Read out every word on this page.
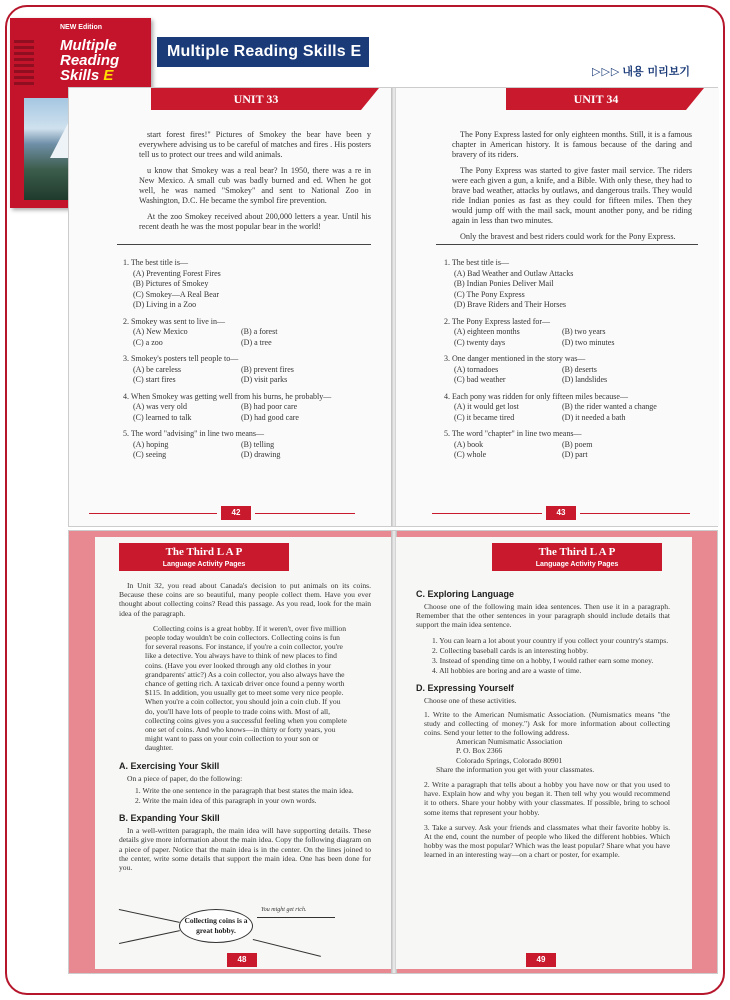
NEW Edition
Multiple
Reading
Skills E
Multiple Reading Skills E
▷▷▷ 내용 미리보기
UNIT 33

start forest fires!" Pictures of Smokey the bear have been y everywhere advising us to be careful of matches and fires . His posters tell us to protect our trees and wild animals.

u know that Smokey was a real bear? In 1950, there was a re in New Mexico. A small cub was badly burned and ed. When he got well, he was named "Smokey" and sent to National Zoo in Washington, D.C. He became the symbol fire prevention.

At the zoo Smokey received about 200,000 letters a year. Until his recent death he was the most popular bear in the world!

1. The best title is—
(A) Preventing Forest Fires
(B) Pictures of Smokey
(C) Smokey—A Real Bear
(D) Living in a Zoo
2. Smokey was sent to live in—
(A) New Mexico	(B) a forest
(C) a zoo	(D) a tree
3. Smokey's posters tell people to—
(A) be careless	(B) prevent fires
(C) start fires	(D) visit parks
4. When Smokey was getting well from his burns, he probably—
(A) was very old	(B) had poor care
(C) learned to talk	(D) had good care
5. The word "advising" in line two means—
(A) hoping	(B) telling
(C) seeing	(D) drawing
42
UNIT 34

The Pony Express lasted for only eighteen months. Still, it is a famous chapter in American history. It is famous because of the daring and bravery of its riders.

The Pony Express was started to give faster mail service. The riders were each given a gun, a knife, and a Bible. With only these, they had to brave bad weather, attacks by outlaws, and dangerous trails. They would ride Indian ponies as fast as they could for fifteen miles. Then they would jump off with the mail sack, mount another pony, and be riding again in less than two minutes.

Only the bravest and best riders could work for the Pony Express.

1. The best title is—
(A) Bad Weather and Outlaw Attacks
(B) Indian Ponies Deliver Mail
(C) The Pony Express
(D) Brave Riders and Their Horses
2. The Pony Express lasted for—
(A) eighteen months	(B) two years
(C) twenty days	(D) two minutes
3. One danger mentioned in the story was—
(A) tornadoes	(B) deserts
(C) bad weather	(D) landslides
4. Each pony was ridden for only fifteen miles because—
(A) it would get lost	(B) the rider wanted a change
(C) it became tired	(D) it needed a bath
5. The word "chapter" in line two means—
(A) book	(B) poem
(C) whole	(D) part
43
The Third L A P
Language Activity Pages

In Unit 32, you read about Canada's decision to put animals on its coins. Because these coins are so beautiful, many people collect them. Have you ever thought about collecting coins? Read this passage. As you read, look for the main idea of the paragraph.

Collecting coins is a great hobby. If it weren't, over five million people today wouldn't be coin collectors. Collecting coins is fun for several reasons. For instance, if you're a coin collector, you're like a detective. You always have to think of new places to find coins. (Have you ever looked through any old clothes in your grandparents' attic?) As a coin collector, you also always have the chance of getting rich. A taxicab driver once found a penny worth $115. In addition, you usually get to meet some very nice people. When you're a coin collector, you should join a coin club. If you do, you'll have lots of people to trade coins with. Most of all, collecting coins gives you a successful feeling when you complete one set of coins. And who knows—in thirty or forty years, you might want to pass on your coin collection to your son or daughter.

A. Exercising Your Skill
On a piece of paper, do the following:
1. Write the one sentence in the paragraph that best states the main idea.
2. Write the main idea of this paragraph in your own words.
B. Expanding Your Skill

In a well-written paragraph, the main idea will have supporting details. These details give more information about the main idea. Copy the following diagram on a piece of paper. Notice that the main idea is in the center. On the lines joined to the center, write some details that support the main idea. One has been done for you.

Collecting coins is a great hobby.
You might get rich.
48
The Third L A P
Language Activity Pages
C. Exploring Language

Choose one of the following main idea sentences. Then use it in a paragraph. Remember that the other sentences in your paragraph should include details that support the main idea sentence.

1. You can learn a lot about your country if you collect your country's stamps.
2. Collecting baseball cards is an interesting hobby.
3. Instead of spending time on a hobby, I would rather earn some money.
4. All hobbies are boring and are a waste of time.
D. Expressing Yourself
Choose one of these activities.
1. Write to the American Numismatic Association. (Numismatics means "the study and collecting of money.") Ask for more information about collecting coins. Send your letter to the following address.
American Numismatic Association
P. O. Box 2366
Colorado Springs, Colorado 80901
Share the information you get with your classmates.
2. Write a paragraph that tells about a hobby you have now or that you used to have. Explain how and why you began it. Then tell why you would recommend it to others. Share your hobby with your classmates. If possible, bring to school some items that represent your hobby.
3. Take a survey. Ask your friends and classmates what their favorite hobby is. At the end, count the number of people who liked the different hobbies. Which hobby was the most popular? Which was the least popular? Share what you have learned in an interesting way—on a chart or poster, for example.
49
